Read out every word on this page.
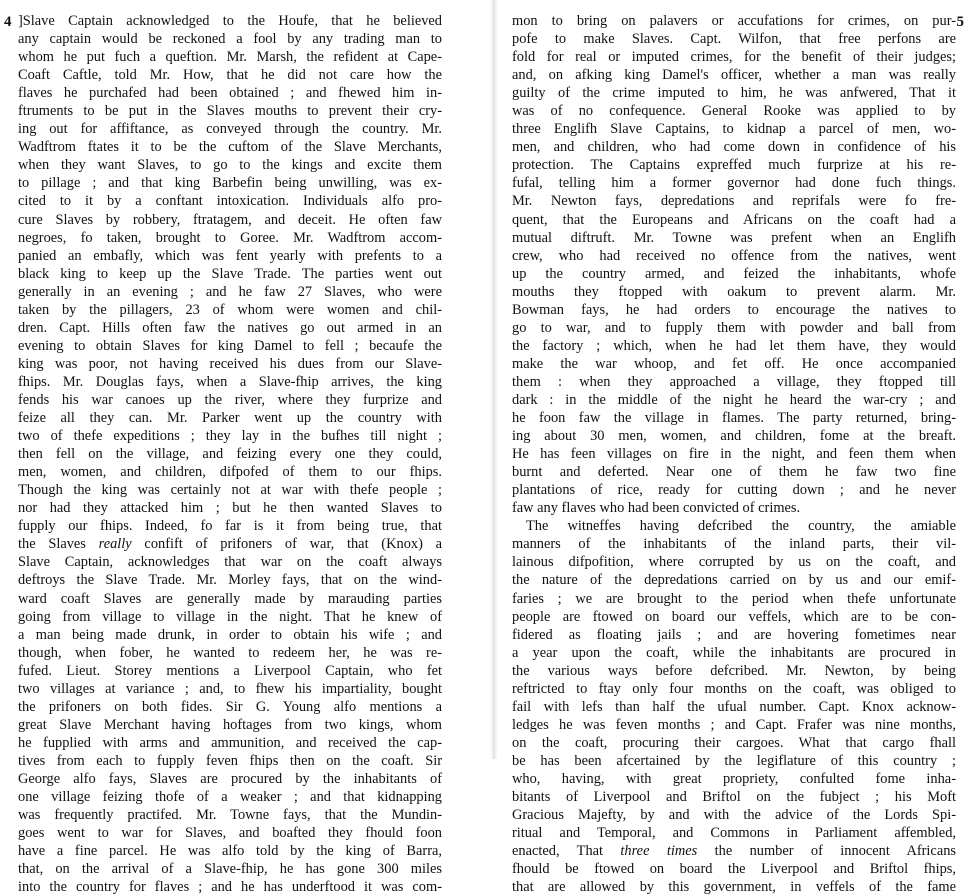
4 ]Slave Captain acknowledged to the Houfe, that he believed
any captain would be reckoned a fool by any trading man to
whom he put fuch a queftion. Mr. Marsh, the refident at Cape-
Coaft Caftle, told Mr. How, that he did not care how the
flaves he purchafed had been obtained ; and fhewed him in-
ftruments to be put in the Slaves mouths to prevent their cry-
ing out for affiftance, as conveyed through the country. Mr.
Wadftrom ftates it to be the cuftom of the Slave Merchants,
when they want Slaves, to go to the kings and excite them
to pillage ; and that king Barbefin being unwilling, was ex-
cited to it by a conftant intoxication. Individuals alfo pro-
cure Slaves by robbery, ftratagem, and deceit. He often faw
negroes, fo taken, brought to Goree. Mr. Wadftrom accom-
panied an embafly, which was fent yearly with prefents to a
black king to keep up the Slave Trade. The parties went out
generally in an evening ; and he faw 27 Slaves, who were
taken by the pillagers, 23 of whom were women and chil-
dren. Capt. Hills often faw the natives go out armed in an
evening to obtain Slaves for king Damel to fell ; becaufe the
king was poor, not having received his dues from our Slave-
fhips. Mr. Douglas fays, when a Slave-fhip arrives, the king
fends his war canoes up the river, where they furprize and
feize all they can. Mr. Parker went up the country with
two of thefe expeditions ; they lay in the bufhes till night ;
then fell on the village, and feizing every one they could,
men, women, and children, difpofed of them to our fhips.
Though the king was certainly not at war with thefe people ;
nor had they attacked him ; but he then wanted Slaves to
fupply our fhips. Indeed, fo far is it from being true, that
the Slaves really confift of prifoners of war, that (Knox) a
Slave Captain, acknowledges that war on the coaft always
deftroys the Slave Trade. Mr. Morley fays, that on the wind-
ward coaft Slaves are generally made by marauding parties
going from village to village in the night. That he knew of
a man being made drunk, in order to obtain his wife ; and
though, when fober, he wanted to redeem her, he was re-
fufed. Lieut. Storey mentions a Liverpool Captain, who fet
two villages at variance ; and, to fhew his impartiality, bought
the prifoners on both fides. Sir G. Young alfo mentions a
great Slave Merchant having hoftages from two kings, whom
he fupplied with arms and ammunition, and received the cap-
tives from each to fupply feven fhips then on the coaft. Sir
George alfo fays, Slaves are procured by the inhabitants of
one village feizing thofe of a weaker ; and that kidnapping
was frequently practifed. Mr. Towne fays, that the Mundin-
goes went to war for Slaves, and boafted they fhould foon
have a fine parcel. He was alfo told by the king of Barra,
that, on the arrival of a Slave-fhip, he has gone 300 miles
into the country for flaves ; and he has underftood it was com-
5
mon to bring on palavers or accufations for crimes, on pur-
pofe to make Slaves. Capt. Wilfon, that free perfons are
fold for real or imputed crimes, for the benefit of their judges;
and, on afking king Damel's officer, whether a man was really
guilty of the crime imputed to him, he was anfwered, That it
was of no confequence. General Rooke was applied to by
three Englifh Slave Captains, to kidnap a parcel of men, wo-
men, and children, who had come down in confidence of his
protection. The Captains expreffed much furprize at his re-
fufal, telling him a former governor had done fuch things.
Mr. Newton fays, depredations and reprifals were fo fre-
quent, that the Europeans and Africans on the coaft had a
mutual diftruft. Mr. Towne was prefent when an Englifh
crew, who had received no offence from the natives, went
up the country armed, and feized the inhabitants, whofe
mouths they ftopped with oakum to prevent alarm. Mr.
Bowman fays, he had orders to encourage the natives to
go to war, and to fupply them with powder and ball from
the factory ; which, when he had let them have, they would
make the war whoop, and fet off. He once accompanied
them : when they approached a village, they ftopped till
dark : in the middle of the night he heard the war-cry ; and
he foon faw the village in flames. The party returned, bring-
ing about 30 men, women, and children, fome at the breaft.
He has feen villages on fire in the night, and feen them when
burnt and deferted. Near one of them he faw two fine
plantations of rice, ready for cutting down ; and he never
faw any flaves who had been convicted of crimes.
The witneffes having defcribed the country, the amiable
manners of the inhabitants of the inland parts, their vil-
lainous difpofition, where corrupted by us on the coaft, and
the nature of the depredations carried on by us and our emif-
faries ; we are brought to the period when thefe unfortunate
people are ftowed on board our veffels, which are to be con-
fidered as floating jails ; and are hovering fometimes near
a year upon the coaft, while the inhabitants are procured in
the various ways before defcribed. Mr. Newton, by being
reftricted to ftay only four months on the coaft, was obliged to
fail with lefs than half the ufual number. Capt. Knox acknow-
ledges he was feven months ; and Capt. Frafer was nine months,
on the coaft, procuring their cargoes. What that cargo fhall
be has been afcertained by the legiflature of this country ;
who, having, with great propriety, confulted fome inha-
bitants of Liverpool and Briftol on the fubject ; his Moft
Gracious Majefty, by and with the advice of the Lords Spi-
ritual and Temporal, and Commons in Parliament affembled,
enacted, That three times the number of innocent Africans
fhould be ftowed on board the Liverpool and Briftol fhips,
that are allowed by this government, in veffels of the fame
